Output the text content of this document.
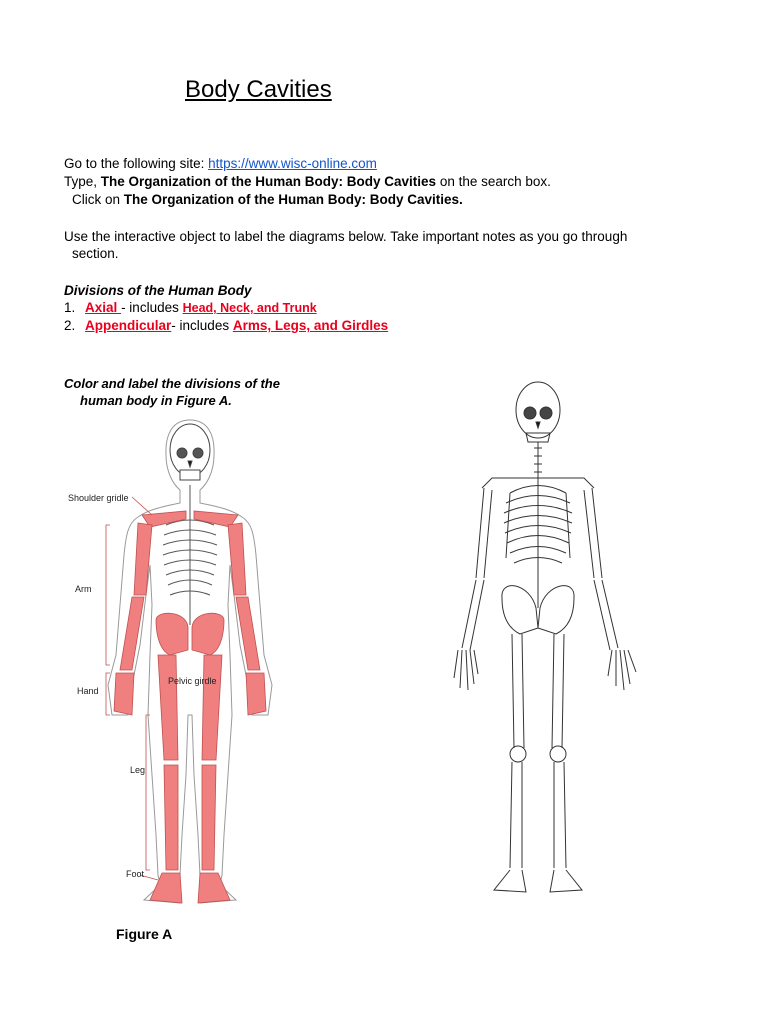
Body Cavities
Go to the following site: https://www.wisc-online.com
Type, The Organization of the Human Body: Body Cavities on the search box.
Click on The Organization of the Human Body: Body Cavities.
Use the interactive object to label the diagrams below. Take important notes as you go through
section.
Divisions of the Human Body
1. Axial - includes Head, Neck, and Trunk
2. Appendicular- includes Arms, Legs, and Girdles
Color and label the divisions of the
human body in Figure A.
Shoulder gridle
Arm
Hand
Pelvic girdle
Leg
Foot
Figure A
